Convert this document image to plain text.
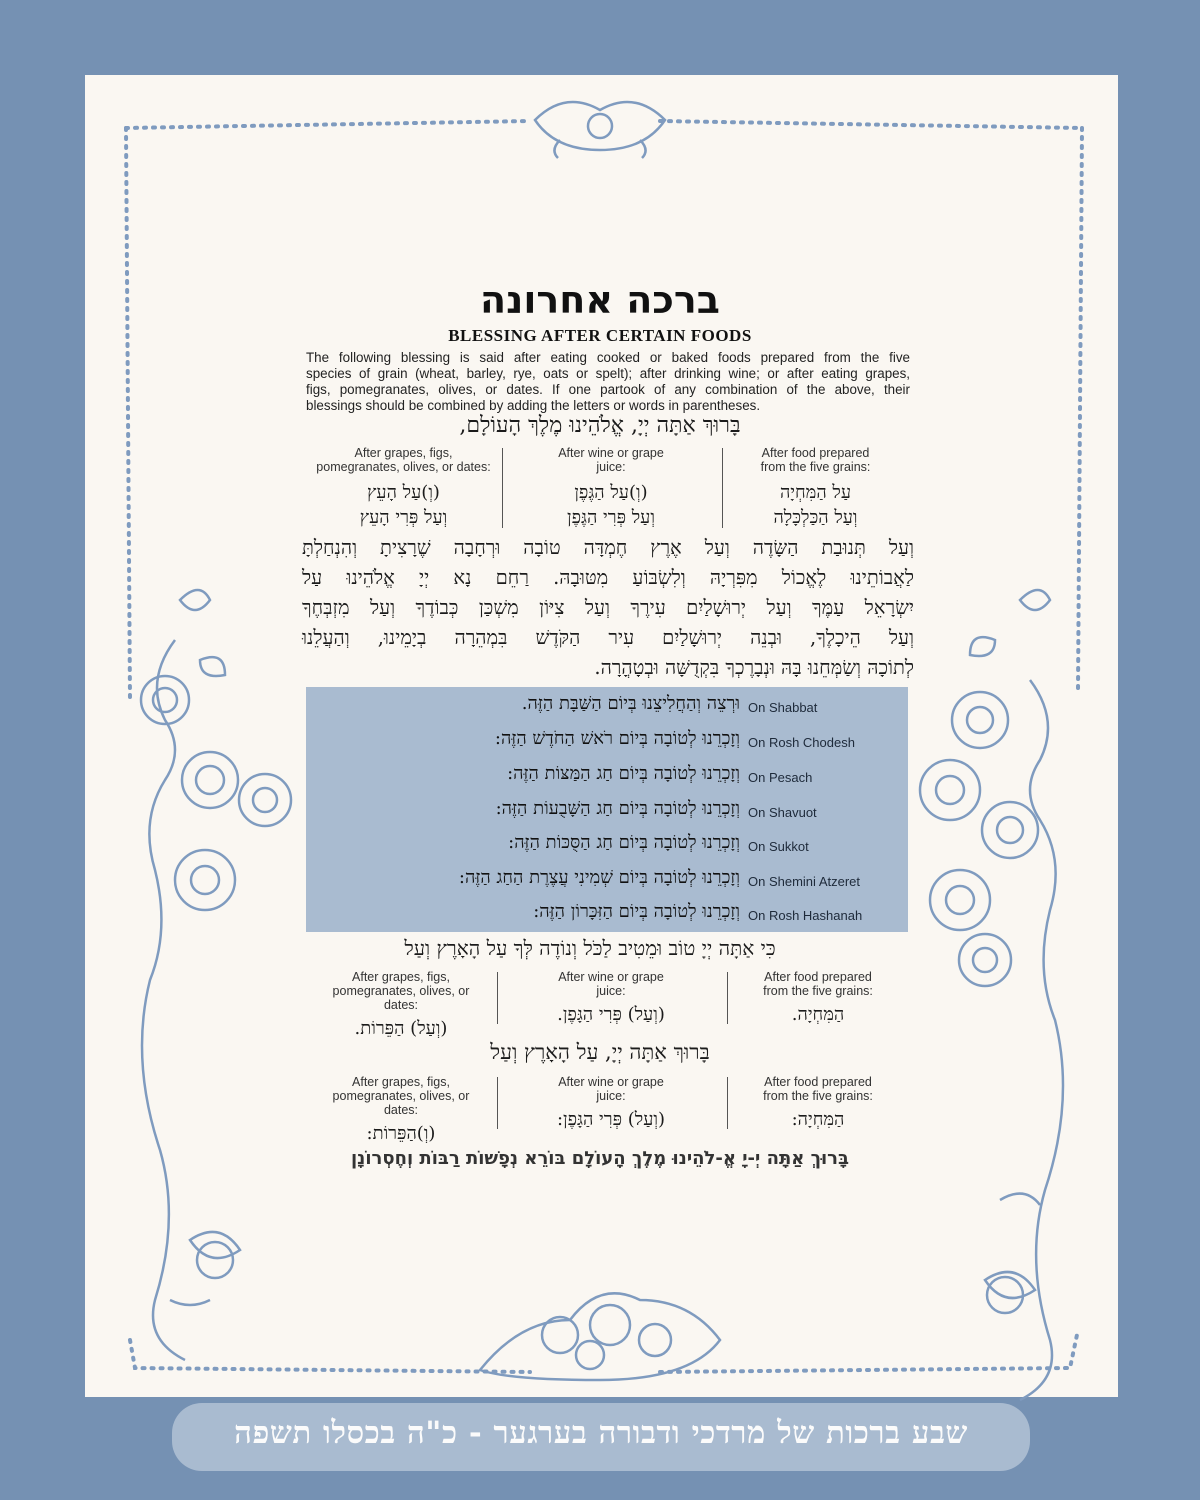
ברכה אחרונה
BLESSING AFTER CERTAIN FOODS
The following blessing is said after eating cooked or baked foods prepared from the five
species of grain (wheat, barley, rye, oats or spelt); after drinking wine; or after eating grapes,
figs, pomegranates, olives, or dates. If one partook of any combination of the above, their
blessings should be combined by adding the letters or words in parentheses.
בָּרוּךְ אַתָּה יְיָ, אֱלֹהֵינוּ מֶלֶךְ הָעוֹלָם,
After grapes, figs, pomegranates, olives, or dates:
(וְ)עַל הָעֵץ
וְעַל פְּרִי הָעֵץ
After wine or grape juice:
(וְ)עַל הַגֶּפֶן
וְעַל פְּרִי הַגֶּפֶן
After food prepared from the five grains:
עַל הַמִּחְיָה
וְעַל הַכַּלְכָּלָה
וְעַל תְּנוּבַת הַשָּׂדֶה וְעַל אֶרֶץ חֶמְדָּה טוֹבָה וּרְחָבָה שֶׁרָצִיתָ וְהִנְחַלְתָּ
לַאֲבוֹתֵינוּ לֶאֱכוֹל מִפִּרְיָהּ וְלִשְׂבּוֹעַ מִטּוּבָהּ. רַחֵם נָא יְיָ אֱלֹהֵינוּ עַל
יִשְׂרָאֵל עַמֶּךָ וְעַל יְרוּשָׁלַיִם עִירֶךָ וְעַל צִיּוֹן מִשְׁכַּן כְּבוֹדֶךָ וְעַל מִזְבְּחֶךָ
וְעַל הֵיכָלֶךָ, וּבְנֵה יְרוּשָׁלַיִם עִיר הַקֹּדֶשׁ בִּמְהֵרָה בְיָמֵינוּ, וְהַעֲלֵנוּ
לְתוֹכָהּ וְשַׂמְּחֵנוּ בָּהּ וּנְבָרֶכְךָ בִּקְדֻשָּׁה וּבְטָהֳרָה.
On Shabbat
וּרְצֵה וְהַחֲלִיצֵנוּ בְּיוֹם הַשַּׁבָּת הַזֶּה.
On Rosh Chodesh
וְזָכְרֵנוּ לְטוֹבָה בְּיוֹם רֹאשׁ הַחֹדֶשׁ הַזֶּה:
On Pesach
וְזָכְרֵנוּ לְטוֹבָה בְּיוֹם חַג הַמַּצּוֹת הַזֶּה:
On Shavuot
וְזָכְרֵנוּ לְטוֹבָה בְּיוֹם חַג הַשָּׁבֻעוֹת הַזֶּה:
On Sukkot
וְזָכְרֵנוּ לְטוֹבָה בְּיוֹם חַג הַסֻּכּוֹת הַזֶּה:
On Shemini Atzeret
וְזָכְרֵנוּ לְטוֹבָה בְּיוֹם שְׁמִינִי עֲצֶרֶת הַחַג הַזֶּה:
On Rosh Hashanah
וְזָכְרֵנוּ לְטוֹבָה בְּיוֹם הַזִּכָּרוֹן הַזֶּה:
כִּי אַתָּה יְיָ טוֹב וּמֵטִיב לַכֹּל וְנוֹדֶה לְּךָ עַל הָאָרֶץ וְעַל
After grapes, figs, pomegranates, olives, or dates:
(וְעַל) הַפֵּרוֹת.
After wine or grape juice:
(וְעַל) פְּרִי הַגָּפֶן.
After food prepared from the five grains:
הַמִּחְיָה.
בָּרוּךְ אַתָּה יְיָ, עַל הָאָרֶץ וְעַל
After grapes, figs, pomegranates, olives, or dates:
(וְ)הַפֵּרוֹת:
After wine or grape juice:
(וְעַל) פְּרִי הַגָּפֶן:
After food prepared from the five grains:
הַמִּחְיָה:
בָּרוּךְ אַתָּה יְ-יָ אֱ-לֹהֵינוּ מֶלֶךְ הָעוֹלָם בּוֹרֵא נְפָשׁוֹת רַבּוֹת וְחֶסְרוֹנָן
שבע ברכות של מרדכי ודבורה בערגער - כ"ה בכסלו תשפה
